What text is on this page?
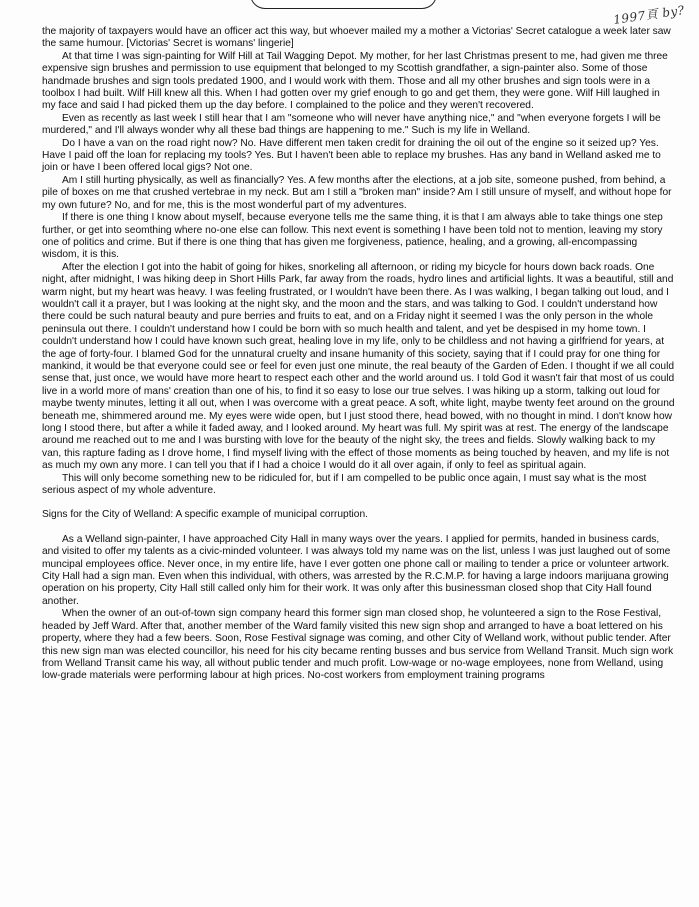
1997頁 by?

the majority of taxpayers would have an officer act this way, but whoever mailed my a mother a Victorias' Secret catalogue a week later saw the same humour. [Victorias' Secret is womans' lingerie]

At that time I was sign-painting for Wilf Hill at Tail Wagging Depot. My mother, for her last Christmas present to me, had given me three expensive sign brushes and permission to use equipment that belonged to my Scottish grandfather, a sign-painter also. Some of those handmade brushes and sign tools predated 1900, and I would work with them. Those and all my other brushes and sign tools were in a toolbox I had built. Wilf Hill knew all this. When I had gotten over my grief enough to go and get them, they were gone. Wilf Hill laughed in my face and said I had picked them up the day before. I complained to the police and they weren't recovered.

Even as recently as last week I still hear that I am "someone who will never have anything nice," and "when everyone forgets I will be murdered," and I'll always wonder why all these bad things are happening to me." Such is my life in Welland.

Do I have a van on the road right now? No. Have different men taken credit for draining the oil out of the engine so it seized up? Yes. Have I paid off the loan for replacing my tools? Yes. But I haven't been able to replace my brushes. Has any band in Welland asked me to join or have I been offered local gigs? Not one.

Am I still hurting physically, as well as financially? Yes. A few months after the elections, at a job site, someone pushed, from behind, a pile of boxes on me that crushed vertebrae in my neck. But am I still a "broken man" inside? Am I still unsure of myself, and without hope for my own future? No, and for me, this is the most wonderful part of my adventures.

If there is one thing I know about myself, because everyone tells me the same thing, it is that I am always able to take things one step further, or get into seomthing where no-one else can follow. This next event is something I have been told not to mention, leaving my story one of politics and crime. But if there is one thing that has given me forgiveness, patience, healing, and a growing, all-encompassing wisdom, it is this.

After the election I got into the habit of going for hikes, snorkeling all afternoon, or riding my bicycle for hours down back roads. One night, after midnight, I was hiking deep in Short Hills Park, far away from the roads, hydro lines and artificial lights. It was a beautiful, still and warm night, but my heart was heavy. I was feeling frustrated, or I wouldn't have been there. As I was walking, I began talking out loud, and I wouldn't call it a prayer, but I was looking at the night sky, and the moon and the stars, and was talking to God. I couldn't understand how there could be such natural beauty and pure berries and fruits to eat, and on a Friday night it seemed I was the only person in the whole peninsula out there. I couldn't understand how I could be born with so much health and talent, and yet be despised in my home town. I couldn't understand how I could have known such great, healing love in my life, only to be childless and not having a girlfriend for years, at the age of forty-four. I blamed God for the unnatural cruelty and insane humanity of this society, saying that if I could pray for one thing for mankind, it would be that everyone could see or feel for even just one minute, the real beauty of the Garden of Eden. I thought if we all could sense that, just once, we would have more heart to respect each other and the world around us. I told God it wasn't fair that most of us could live in a world more of mans' creation than one of his, to find it so easy to lose our true selves. I was hiking up a storm, talking out loud for maybe twenty minutes, letting it all out, when I was overcome with a great peace. A soft, white light, maybe twenty feet around on the ground beneath me, shimmered around me. My eyes were wide open, but I just stood there, head bowed, with no thought in mind. I don't know how long I stood there, but after a while it faded away, and I looked around. My heart was full. My spirit was at rest. The energy of the landscape around me reached out to me and I was bursting with love for the beauty of the night sky, the trees and fields. Slowly walking back to my van, this rapture fading as I drove home, I find myself living with the effect of those moments as being touched by heaven, and my life is not as much my own any more. I can tell you that if I had a choice I would do it all over again, if only to feel as spiritual again.

This will only become something new to be ridiculed for, but if I am compelled to be public once again, I must say what is the most serious aspect of my whole adventure.

Signs for the City of Welland: A specific example of municipal corruption.

As a Welland sign-painter, I have approached City Hall in many ways over the years. I applied for permits, handed in business cards, and visited to offer my talents as a civic-minded volunteer. I was always told my name was on the list, unless I was just laughed out of some muncipal employees office. Never once, in my entire life, have I ever gotten one phone call or mailing to tender a price or volunteer artwork. City Hall had a sign man. Even when this individual, with others, was arrested by the R.C.M.P. for having a large indoors marijuana growing operation on his property, City Hall still called only him for their work. It was only after this businessman closed shop that City Hall found another.

When the owner of an out-of-town sign company heard this former sign man closed shop, he volunteered a sign to the Rose Festival, headed by Jeff Ward. After that, another member of the Ward family visited this new sign shop and arranged to have a boat lettered on his property, where they had a few beers. Soon, Rose Festival signage was coming, and other City of Welland work, without public tender. After this new sign man was elected councillor, his need for his city became renting busses and bus service from Welland Transit. Much sign work from Welland Transit came his way, all without public tender and much profit. Low-wage or no-wage employees, none from Welland, using low-grade materials were performing labour at high prices. No-cost workers from employment training programs
